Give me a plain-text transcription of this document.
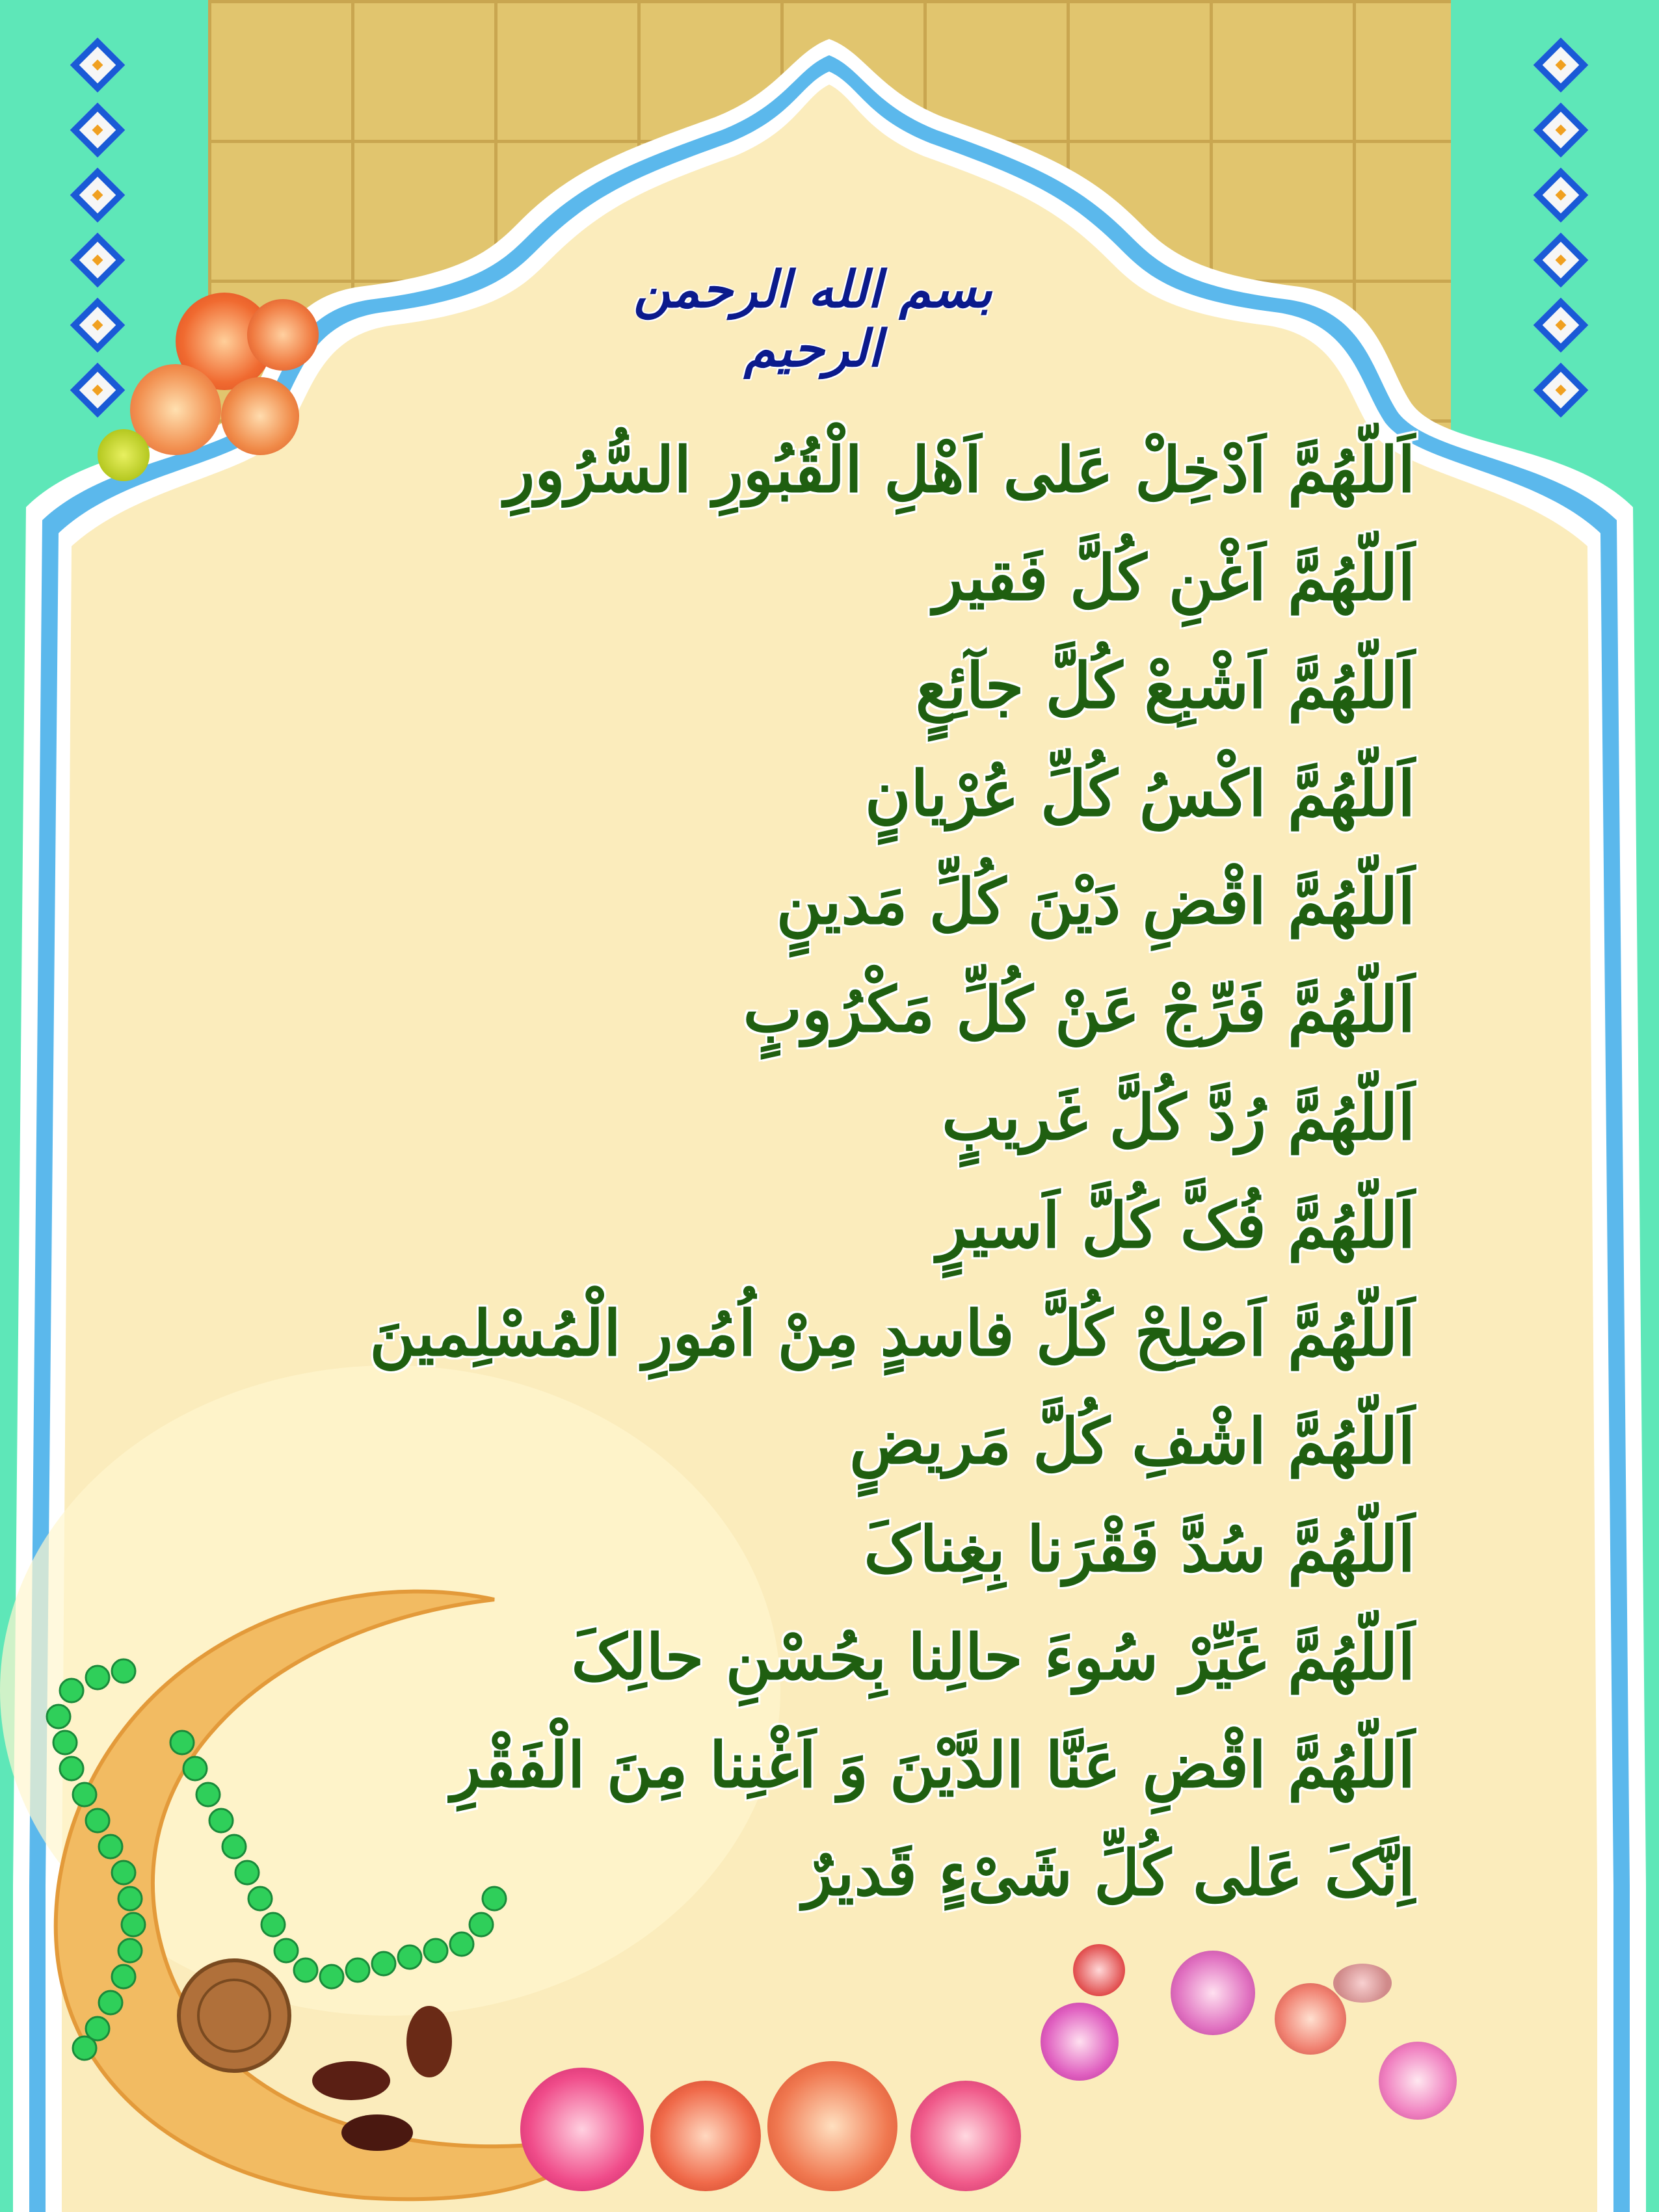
بسم الله الرحمن الرحیم
اَللّهُمَّ اَدْخِلْ عَلی اَهْلِ الْقُبُورِ السُّرُورِ
اَللّهُمَّ اَغْنِ کُلَّ فَقیر
اَللّهُمَّ اَشْبِعْ کُلَّ جآئِعٍ
اَللّهُمَّ اکْسُ کُلِّ عُرْیانٍ
اَللّهُمَّ اقْضِ دَیْنَ کُلِّ مَدینٍ
اَللّهُمَّ فَرِّجْ عَنْ کُلِّ مَکْرُوبٍ
اَللّهُمَّ رُدَّ کُلَّ غَریبٍ
اَللّهُمَّ فُکَّ کُلَّ اَسیرٍ
اَللّهُمَّ اَصْلِحْ کُلَّ فاسدٍ مِنْ اُمُورِ الْمُسْلِمینَ
اَللّهُمَّ اشْفِ کُلَّ مَریضٍ
اَللّهُمَّ سُدَّ فَقْرَنا بِغِناکَ
اَللّهُمَّ غَیِّرْ سُوءَ حالِنا بِحُسْنِ حالِکَ
اَللّهُمَّ اقْضِ عَنَّا الدَّیْنَ وَ اَغْنِنا مِنَ الْفَقْرِ
اِنَّکَ عَلی کُلِّ شَیْءٍ قَدیرٌ
